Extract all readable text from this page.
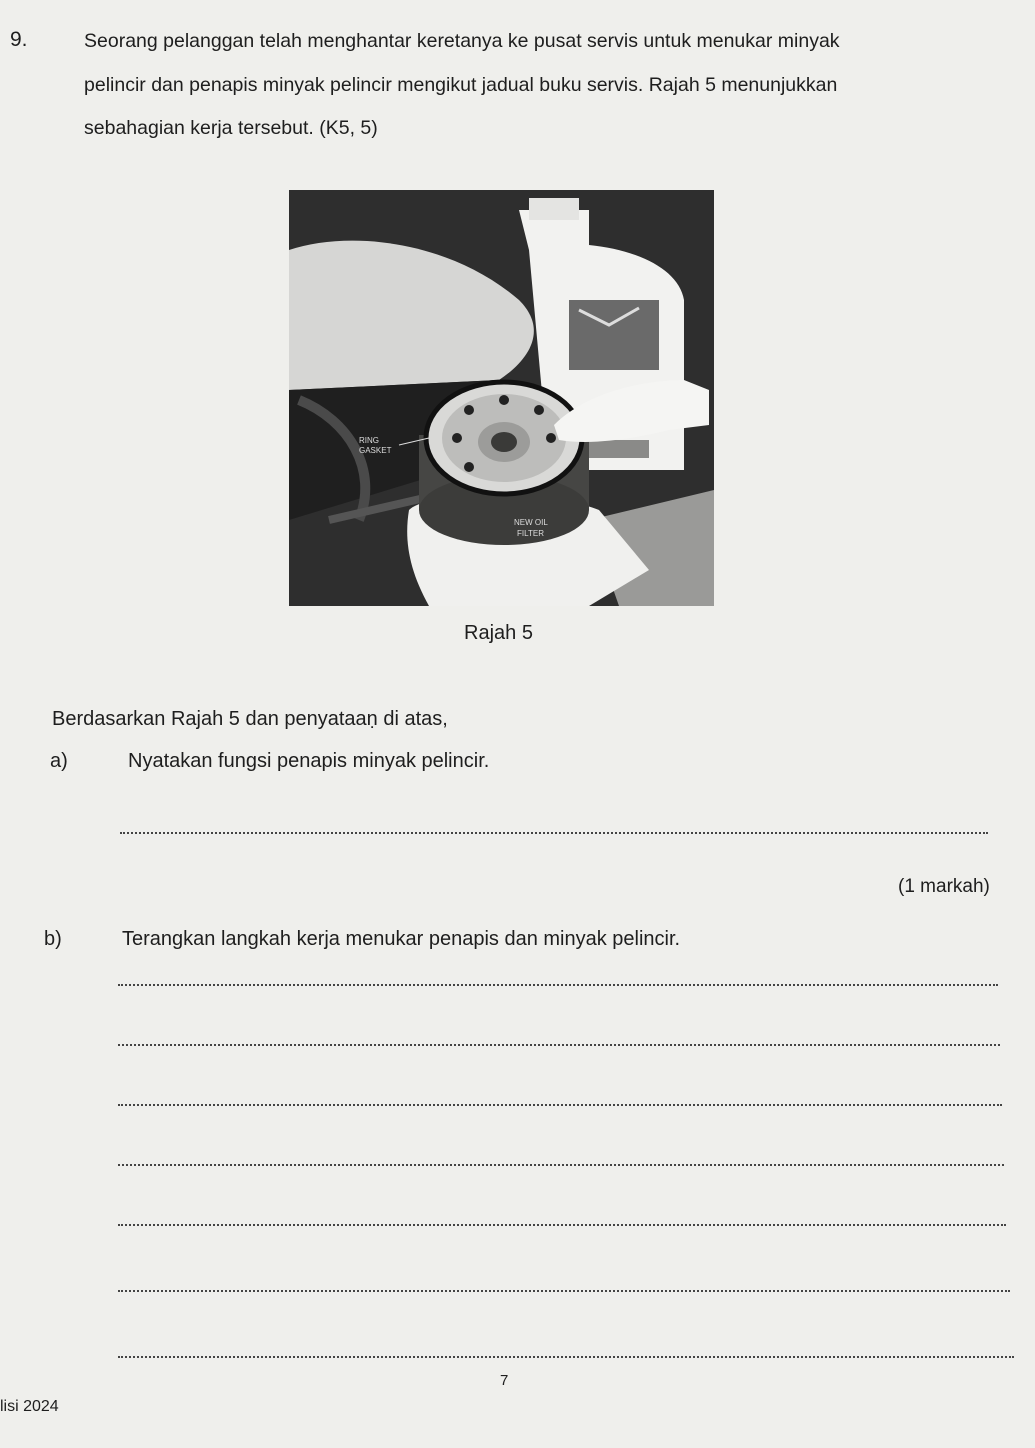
9.	Seorang pelanggan telah menghantar keretanya ke pusat servis untuk menukar minyak
pelincir dan penapis minyak pelincir mengikut jadual buku servis. Rajah 5 menunjukkan
sebahagian kerja tersebut. (K5, 5)
RING
GASKET
NEW OIL
FILTER
Rajah 5
Berdasarkan Rajah 5 dan penyataaṇ di atas,
a)	Nyatakan fungsi penapis minyak pelincir.
(1 markah)
b)	Terangkan langkah kerja menukar penapis dan minyak pelincir.
7
lisi 2024
